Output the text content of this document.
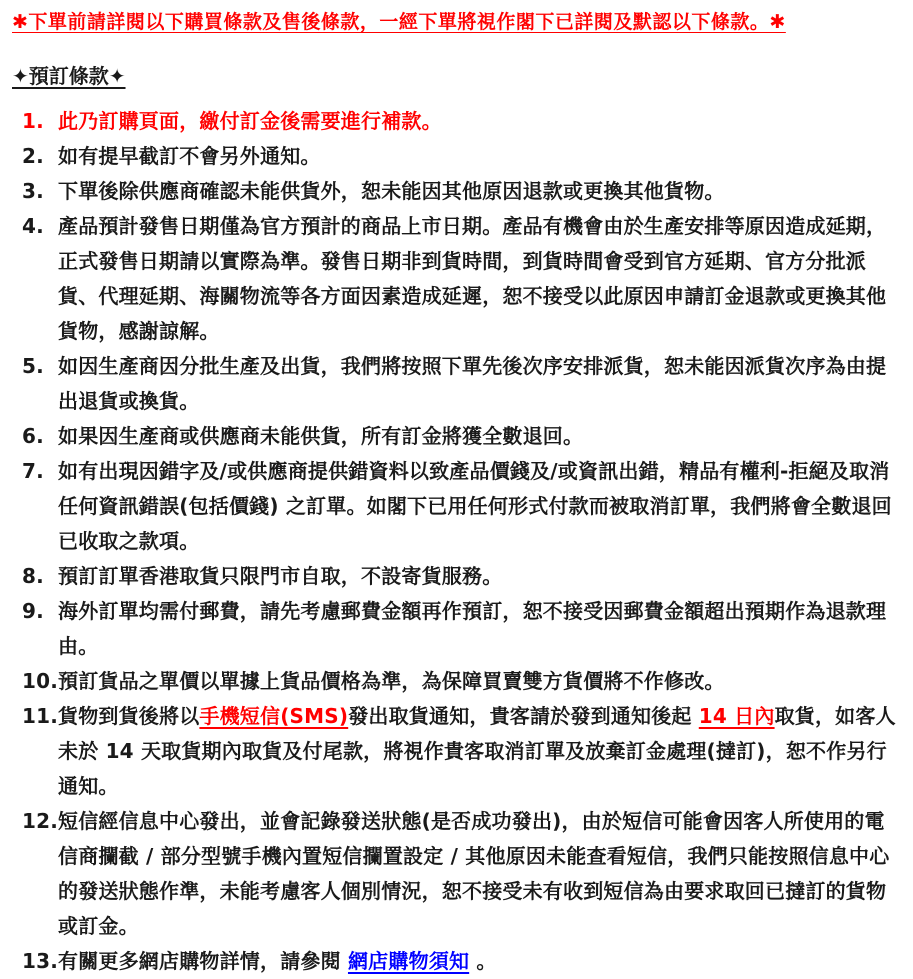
✱下單前請詳閱以下購買條款及售後條款，一經下單將視作閣下已詳閱及默認以下條款。✱

✦預訂條款✦

1. 此乃訂購頁面，繳付訂金後需要進行補款。
2. 如有提早截訂不會另外通知。
3. 下單後除供應商確認未能供貨外，恕未能因其他原因退款或更換其他貨物。
4. 產品預計發售日期僅為官方預計的商品上市日期。產品有機會由於生產安排等原因造成延期，正式發售日期請以實際為準。發售日期非到貨時間，到貨時間會受到官方延期、官方分批派貨、代理延期、海關物流等各方面因素造成延遲，恕不接受以此原因申請訂金退款或更換其他貨物，感謝諒解。
5. 如因生產商因分批生產及出貨，我們將按照下單先後次序安排派貨，恕未能因派貨次序為由提出退貨或換貨。
6. 如果因生產商或供應商未能供貨，所有訂金將獲全數退回。
7. 如有出現因錯字及/或供應商提供錯資料以致產品價錢及/或資訊出錯，精品有權利-拒絕及取消任何資訊錯誤(包括價錢) 之訂單。如閣下已用任何形式付款而被取消訂單，我們將會全數退回已收取之款項。
8. 預訂訂單香港取貨只限門市自取，不設寄貨服務。
9. 海外訂單均需付郵費，請先考慮郵費金額再作預訂，恕不接受因郵費金額超出預期作為退款理由。
10. 預訂貨品之單價以單據上貨品價格為準，為保障買賣雙方貨價將不作修改。
11. 貨物到貨後將以手機短信(SMS)發出取貨通知，貴客請於發到通知後起 14 日內取貨，如客人未於 14 天取貨期內取貨及付尾款，將視作貴客取消訂單及放棄訂金處理(撻訂)，恕不作另行通知。
12. 短信經信息中心發出，並會記錄發送狀態(是否成功發出)，由於短信可能會因客人所使用的電信商攔截 / 部分型號手機內置短信攔置設定 / 其他原因未能查看短信，我們只能按照信息中心的發送狀態作準，未能考慮客人個別情況，恕不接受未有收到短信為由要求取回已撻訂的貨物或訂金。
13. 有關更多網店購物詳情，請參閱 網店購物須知 。
